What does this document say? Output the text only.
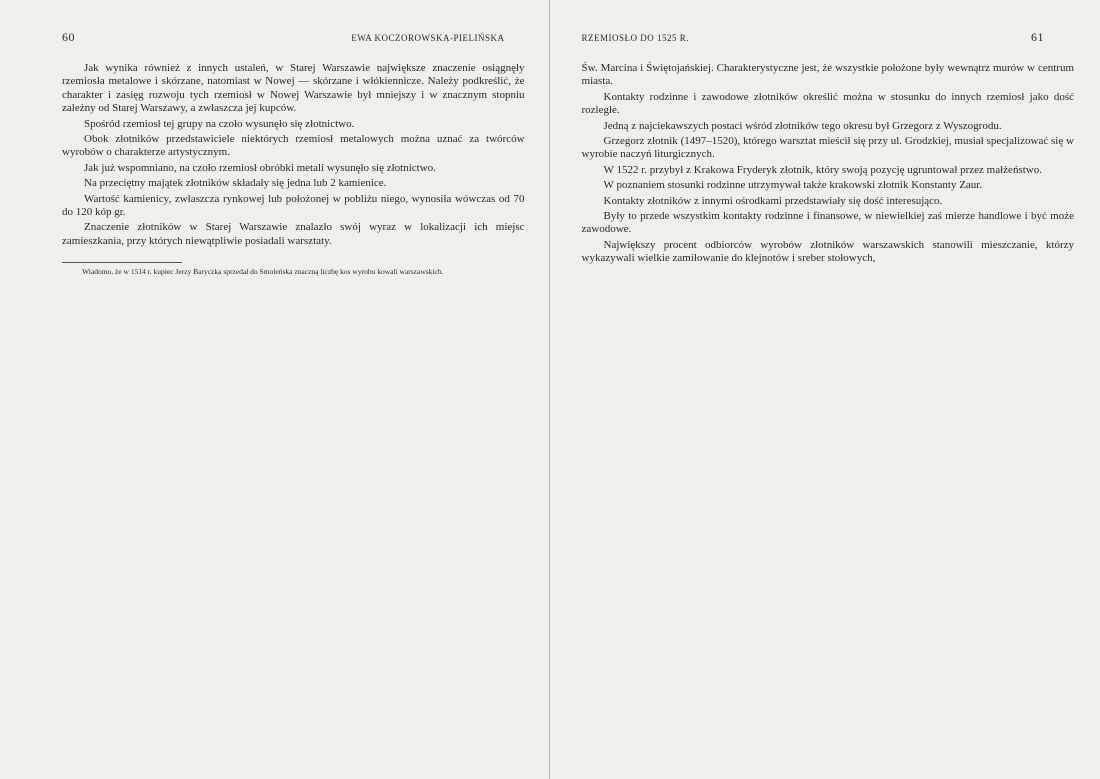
60	EWA KOCZOROWSKA-PIELIŃSKA

Jak wynika również z innych ustaleń, w Starej Warszawie największe znaczenie osiągnęły rzemiosła metalowe i skórzane, natomiast w Nowej — skórzane i włókiennicze. Należy podkreślić, że charakter i zasięg rozwoju tych rzemiosł w Nowej Warszawie był mniejszy i w znacznym stopniu zależny od Starej Warszawy, a zwłaszcza jej kupców.

Spośród rzemiosł tej grupy na czoło wysunęło się złotnictwo.

Obok złotników przedstawiciele niektórych rzemiosł metalowych można uznać za twórców wyrobów o charakterze artystycznym.

Jak już wspomniano, na czoło rzemiosł obróbki metali wysunęło się złotnictwo.

Na przeciętny majątek złotników składały się jedna lub 2 kamienice.

Wartość kamienicy, zwłaszcza rynkowej lub położonej w pobliżu niego, wynosiła wówczas od 70 do 120 kóp gr.

Znaczenie złotników w Starej Warszawie znalazło swój wyraz w lokalizacji ich miejsc zamieszkania, przy których niewątpliwie posiadali warsztaty.

Wiadomo, że w 1514 r. kupiec Jerzy Baryczka sprzedał do Smoleńska znaczną liczbę kos wyrobu kowali warszawskich.
RZEMIOSŁO DO 1525 R.	61

Św. Marcina i Świętojańskiej. Charakterystyczne jest, że wszystkie położone były wewnątrz murów w centrum miasta.

Kontakty rodzinne i zawodowe złotników określić można w stosunku do innych rzemiosł jako dość rozległe.

Jedną z najciekawszych postaci wśród złotników tego okresu był Grzegorz z Wyszogrodu.

Grzegorz złotnik (1497–1520), którego warsztat mieścił się przy ul. Grodzkiej, musiał specjalizować się w wyrobie naczyń liturgicznych.

W 1522 r. przybył z Krakowa Fryderyk złotnik, który swoją pozycję ugruntował przez małżeństwo.

W poznaniem stosunki rodzinne utrzymywał także krakowski złotnik Konstanty Zaur.

Kontakty złotników z innymi ośrodkami przedstawiały się dość interesująco.

Były to przede wszystkim kontakty rodzinne i finansowe, w niewielkiej zaś mierze handlowe i być może zawodowe.

Największy procent odbiorców wyrobów złotników warszawskich stanowili mieszczanie, którzy wykazywali wielkie zamiłowanie do klejnotów i sreber stołowych,
